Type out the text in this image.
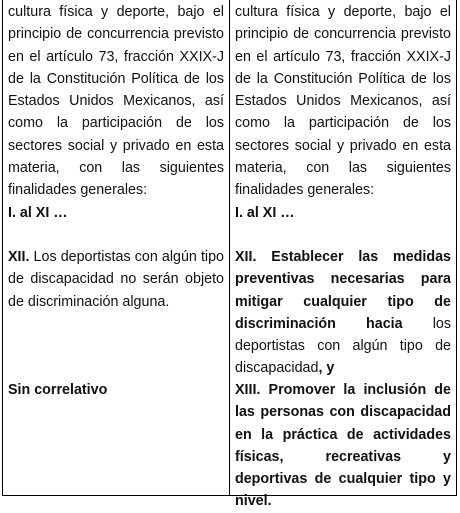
cultura física y deporte, bajo el principio de concurrencia previsto en el artículo 73, fracción XXIX-J de la Constitución Política de los Estados Unidos Mexicanos, así como la participación de los sectores social y privado en esta materia, con las siguientes finalidades generales:

I. al XI …

XII. Los deportistas con algún tipo de discapacidad no serán objeto de discriminación alguna.

Sin correlativo

cultura física y deporte, bajo el principio de concurrencia previsto en el artículo 73, fracción XXIX-J de la Constitución Política de los Estados Unidos Mexicanos, así como la participación de los sectores social y privado en esta materia, con las siguientes finalidades generales:

I. al XI …

XII. Establecer las medidas preventivas necesarias para mitigar cualquier tipo de discriminación hacia los deportistas con algún tipo de discapacidad, y

XIII. Promover la inclusión de las personas con discapacidad en la práctica de actividades físicas, recreativas y deportivas de cualquier tipo y nivel.
